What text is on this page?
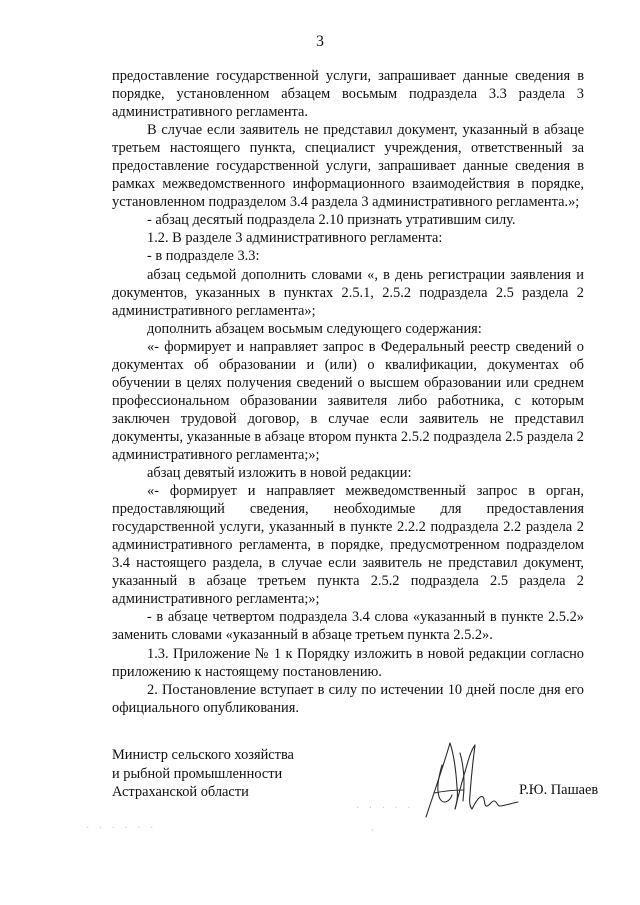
3

предоставление государственной услуги, запрашивает данные сведения в порядке, установленном абзацем восьмым подраздела 3.3 раздела 3 административного регламента.

В случае если заявитель не представил документ, указанный в абзаце третьем настоящего пункта, специалист учреждения, ответственный за предоставление государственной услуги, запрашивает данные сведения в рамках межведомственного информационного взаимодействия в порядке, установленном подразделом 3.4 раздела 3 административного регламента.»;

- абзац десятый подраздела 2.10 признать утратившим силу.

1.2. В разделе 3 административного регламента:

- в подразделе 3.3:

абзац седьмой дополнить словами «, в день регистрации заявления и документов, указанных в пунктах 2.5.1, 2.5.2 подраздела 2.5 раздела 2 административного регламента»;

дополнить абзацем восьмым следующего содержания:

«- формирует и направляет запрос в Федеральный реестр сведений о документах об образовании и (или) о квалификации, документах об обучении в целях получения сведений о высшем образовании или среднем профессиональном образовании заявителя либо работника, с которым заключен трудовой договор, в случае если заявитель не представил документы, указанные в абзаце втором пункта 2.5.2 подраздела 2.5 раздела 2 административного регламента;»;

абзац девятый изложить в новой редакции:

«- формирует и направляет межведомственный запрос в орган, предоставляющий сведения, необходимые для предоставления государственной услуги, указанный в пункте 2.2.2 подраздела 2.2 раздела 2 административного регламента, в порядке, предусмотренном подразделом 3.4 настоящего раздела, в случае если заявитель не представил документ, указанный в абзаце третьем пункта 2.5.2 подраздела 2.5 раздела 2 административного регламента;»;

- в абзаце четвертом подраздела 3.4 слова «указанный в пункте 2.5.2» заменить словами «указанный в абзаце третьем пункта 2.5.2».

1.3. Приложение № 1 к Порядку изложить в новой редакции согласно приложению к настоящему постановлению.

2. Постановление вступает в силу по истечении 10 дней после дня его официального опубликования.

Министр сельского хозяйства
и рыбной промышленности
Астраханской области	Р.Ю. Пашаев
· · · · · ·
· · · · ·
·
